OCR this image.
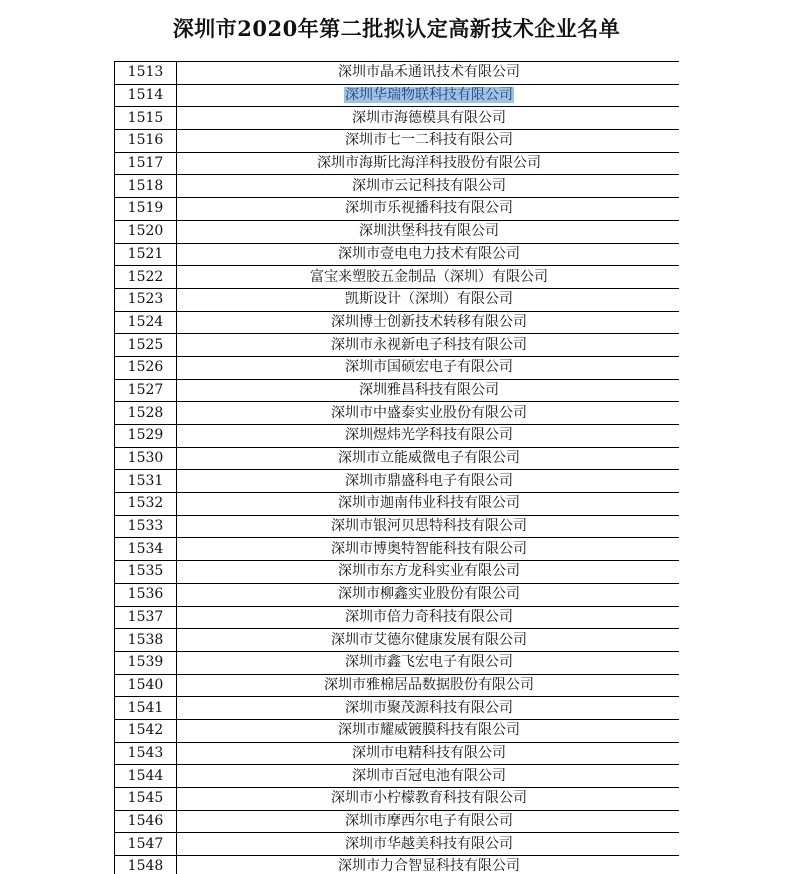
深圳市2020年第二批拟认定高新技术企业名单
1513	深圳市晶禾通讯技术有限公司
1514	深圳华瑞物联科技有限公司
1515	深圳市海德模具有限公司
1516	深圳市七一二科技有限公司
1517	深圳市海斯比海洋科技股份有限公司
1518	深圳市云记科技有限公司
1519	深圳市乐视播科技有限公司
1520	深圳洪堡科技有限公司
1521	深圳市壹电电力技术有限公司
1522	富宝来塑胶五金制品（深圳）有限公司
1523	凯斯设计（深圳）有限公司
1524	深圳博士创新技术转移有限公司
1525	深圳市永视新电子科技有限公司
1526	深圳市国硕宏电子有限公司
1527	深圳雅昌科技有限公司
1528	深圳市中盛泰实业股份有限公司
1529	深圳煜炜光学科技有限公司
1530	深圳市立能威微电子有限公司
1531	深圳市鼎盛科电子有限公司
1532	深圳市迦南伟业科技有限公司
1533	深圳市银河贝思特科技有限公司
1534	深圳市博奥特智能科技有限公司
1535	深圳市东方龙科实业有限公司
1536	深圳市柳鑫实业股份有限公司
1537	深圳市倍力奇科技有限公司
1538	深圳市艾德尔健康发展有限公司
1539	深圳市鑫飞宏电子有限公司
1540	深圳市雅棉居品数据股份有限公司
1541	深圳市聚茂源科技有限公司
1542	深圳市耀威镀膜科技有限公司
1543	深圳市电精科技有限公司
1544	深圳市百冠电池有限公司
1545	深圳市小柠檬教育科技有限公司
1546	深圳市摩西尔电子有限公司
1547	深圳市华越美科技有限公司
1548	深圳市力合智显科技有限公司
